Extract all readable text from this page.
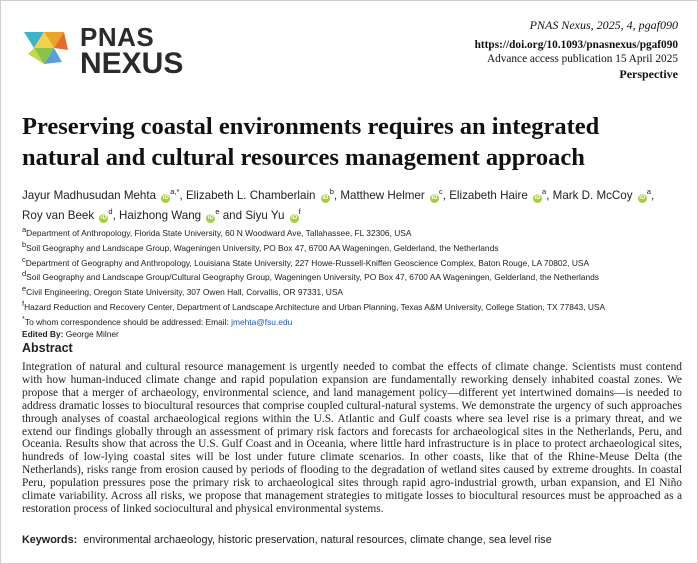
PNAS
NEXUS
PNAS Nexus, 2025, 4, pgaf090
https://doi.org/10.1093/pnasnexus/pgaf090
Advance access publication 15 April 2025
Perspective
Preserving coastal environments requires an integrated natural and cultural resources management approach
Jayur Madhusudan Mehta $iD^{a,*}$, Elizabeth L. Chamberlain $iD^b$, Matthew Helmer $iD^c$, Elizabeth Haire $iD^a$, Mark D. McCoy $iD^a$,
Roy van Beek $iD^d$, Haizhong Wang $iD^e$ and Siyu Yu $iD^f$
$^a$Department of Anthropology, Florida State University, 60 N Woodward Ave, Tallahassee, FL 32306, USA
$^b$Soil Geography and Landscape Group, Wageningen University, PO Box 47, 6700 AA Wageningen, Gelderland, the Netherlands
$^c$Department of Geography and Anthropology, Louisiana State University, 227 Howe-Russell-Kniffen Geoscience Complex, Baton Rouge, LA 70802, USA
$^d$Soil Geography and Landscape Group/Cultural Geography Group, Wageningen University, PO Box 47, 6700 AA Wageningen, Gelderland, the Netherlands
$^e$Civil Engineering, Oregon State University, 307 Owen Hall, Corvallis, OR 97331, USA
$^f$Hazard Reduction and Recovery Center, Department of Landscape Architecture and Urban Planning, Texas A&M University, College Station, TX 77843, USA
*To whom correspondence should be addressed: Email: jmehta@fsu.edu
Edited By: George Milner
Abstract

Integration of natural and cultural resource management is urgently needed to combat the effects of climate change. Scientists must contend with how human-induced climate change and rapid population expansion are fundamentally reworking densely inhabited coastal zones. We propose that a merger of archaeology, environmental science, and land management policy—different yet intertwined domains—is needed to address dramatic losses to biocultural resources that comprise coupled cultural-natural systems. We demonstrate the urgency of such approaches through analyses of coastal archaeological regions within the U.S. Atlantic and Gulf coasts where sea level rise is a primary threat, and we extend our findings globally through an assessment of primary risk factors and forecasts for archaeological sites in the Netherlands, Peru, and Oceania. Results show that across the U.S. Gulf Coast and in Oceania, where little hard infrastructure is in place to protect archaeological sites, hundreds of low-lying coastal sites will be lost under future climate scenarios. In other coasts, like that of the Rhine-Meuse Delta (the Netherlands), risks range from erosion caused by periods of flooding to the degradation of wetland sites caused by extreme droughts. In coastal Peru, population pressures pose the primary risk to archaeological sites through rapid agro-industrial growth, urban expansion, and El Niño climate variability. Across all risks, we propose that management strategies to mitigate losses to biocultural resources must be approached as a restoration process of linked sociocultural and physical environmental systems.

Keywords: environmental archaeology, historic preservation, natural resources, climate change, sea level rise
